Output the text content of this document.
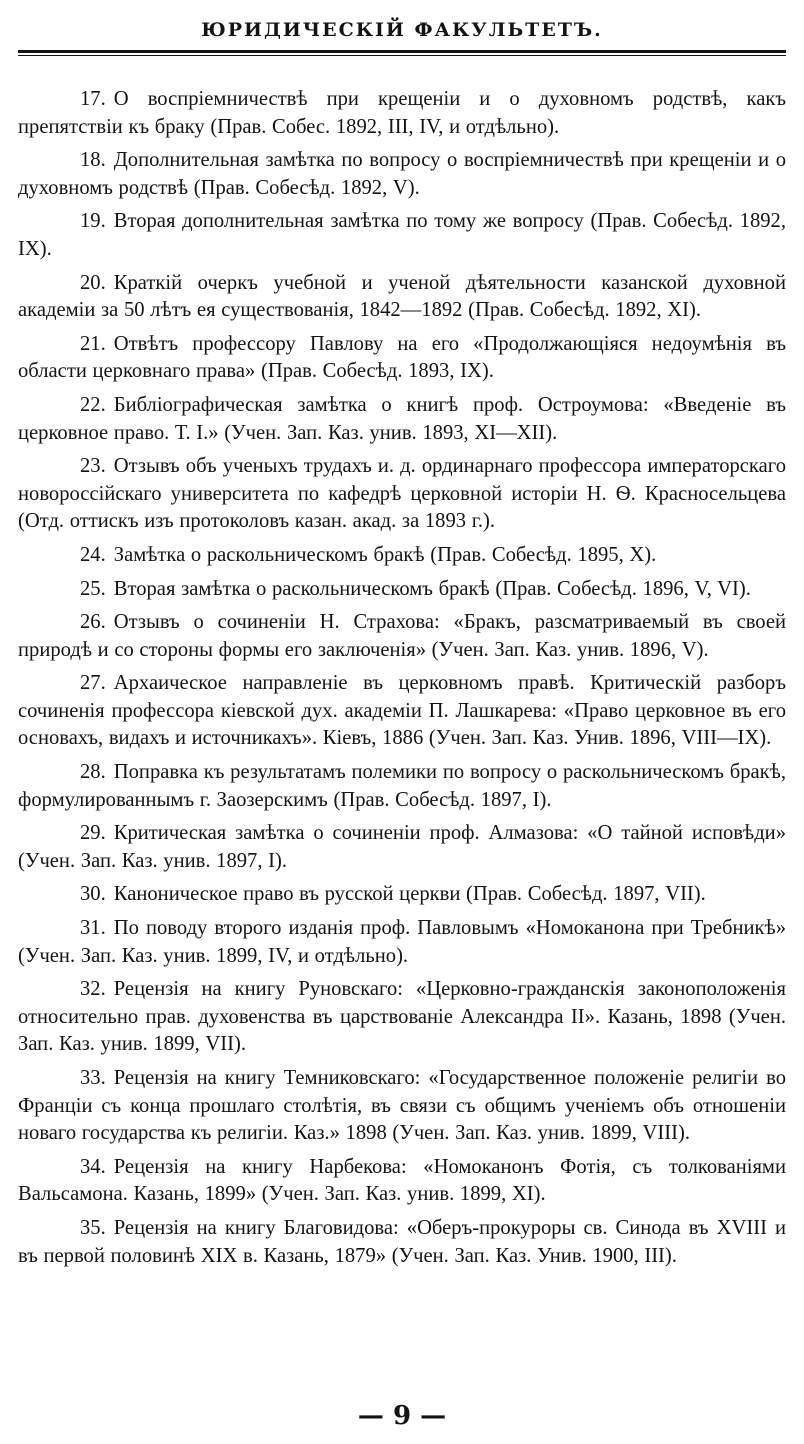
ЮРИДИЧЕСКІЙ ФАКУЛЬТЕТЪ.

17. О воспріемничествѣ при крещеніи и о духовномъ родствѣ, какъ препятствіи къ браку (Прав. Собес. 1892, III, IV, и отдѣльно).

18. Дополнительная замѣтка по вопросу о воспріемничествѣ при крещеніи и о духовномъ родствѣ (Прав. Собесѣд. 1892, V).

19. Вторая дополнительная замѣтка по тому же вопросу (Прав. Собесѣд. 1892, IX).

20. Краткій очеркъ учебной и ученой дѣятельности казанской духовной академіи за 50 лѣтъ ея существованія, 1842—1892 (Прав. Собесѣд. 1892, XI).

21. Отвѣтъ профессору Павлову на его «Продолжающіяся недоумѣнія въ области церковнаго права» (Прав. Собесѣд. 1893, IX).

22. Библіографическая замѣтка о книгѣ проф. Остроумова: «Введеніе въ церковное право. Т. I.» (Учен. Зап. Каз. унив. 1893, XI—XII).

23. Отзывъ объ ученыхъ трудахъ и. д. ординарнаго профессора императорскаго новороссійскаго университета по кафедрѣ церковной исторіи Н. Ѳ. Красносельцева (Отд. оттискъ изъ протоколовъ казан. акад. за 1893 г.).

24. Замѣтка о раскольническомъ бракѣ (Прав. Собесѣд. 1895, X).

25. Вторая замѣтка о раскольническомъ бракѣ (Прав. Собесѣд. 1896, V, VI).

26. Отзывъ о сочиненіи Н. Страхова: «Бракъ, разсматриваемый въ своей природѣ и со стороны формы его заключенія» (Учен. Зап. Каз. унив. 1896, V).

27. Архаическое направленіе въ церковномъ правѣ. Критическій разборъ сочиненія профессора кіевской дух. академіи П. Лашкарева: «Право церковное въ его основахъ, видахъ и источникахъ». Кіевъ, 1886 (Учен. Зап. Каз. Унив. 1896, VIII—IX).

28. Поправка къ результатамъ полемики по вопросу о раскольническомъ бракѣ, формулированнымъ г. Заозерскимъ (Прав. Собесѣд. 1897, I).

29. Критическая замѣтка о сочиненіи проф. Алмазова: «О тайной исповѣди» (Учен. Зап. Каз. унив. 1897, I).

30. Каноническое право въ русской церкви (Прав. Собесѣд. 1897, VII).

31. По поводу второго изданія проф. Павловымъ «Номоканона при Требникѣ» (Учен. Зап. Каз. унив. 1899, IV, и отдѣльно).

32. Рецензія на книгу Руновскаго: «Церковно-гражданскія законоположенія относительно прав. духовенства въ царствованіе Александра II». Казань, 1898 (Учен. Зап. Каз. унив. 1899, VII).

33. Рецензія на книгу Темниковскаго: «Государственное положеніе религіи во Франціи съ конца прошлаго столѣтія, въ связи съ общимъ ученіемъ объ отношеніи новаго государства къ религіи. Каз.» 1898 (Учен. Зап. Каз. унив. 1899, VIII).

34. Рецензія на книгу Нарбекова: «Номоканонъ Фотія, съ толкованіями Вальсамона. Казань, 1899» (Учен. Зап. Каз. унив. 1899, XI).

35. Рецензія на книгу Благовидова: «Оберъ-прокуроры св. Синода въ XVIII и въ первой половинѣ XIX в. Казань, 1879» (Учен. Зап. Каз. Унив. 1900, III).

— 9 —
